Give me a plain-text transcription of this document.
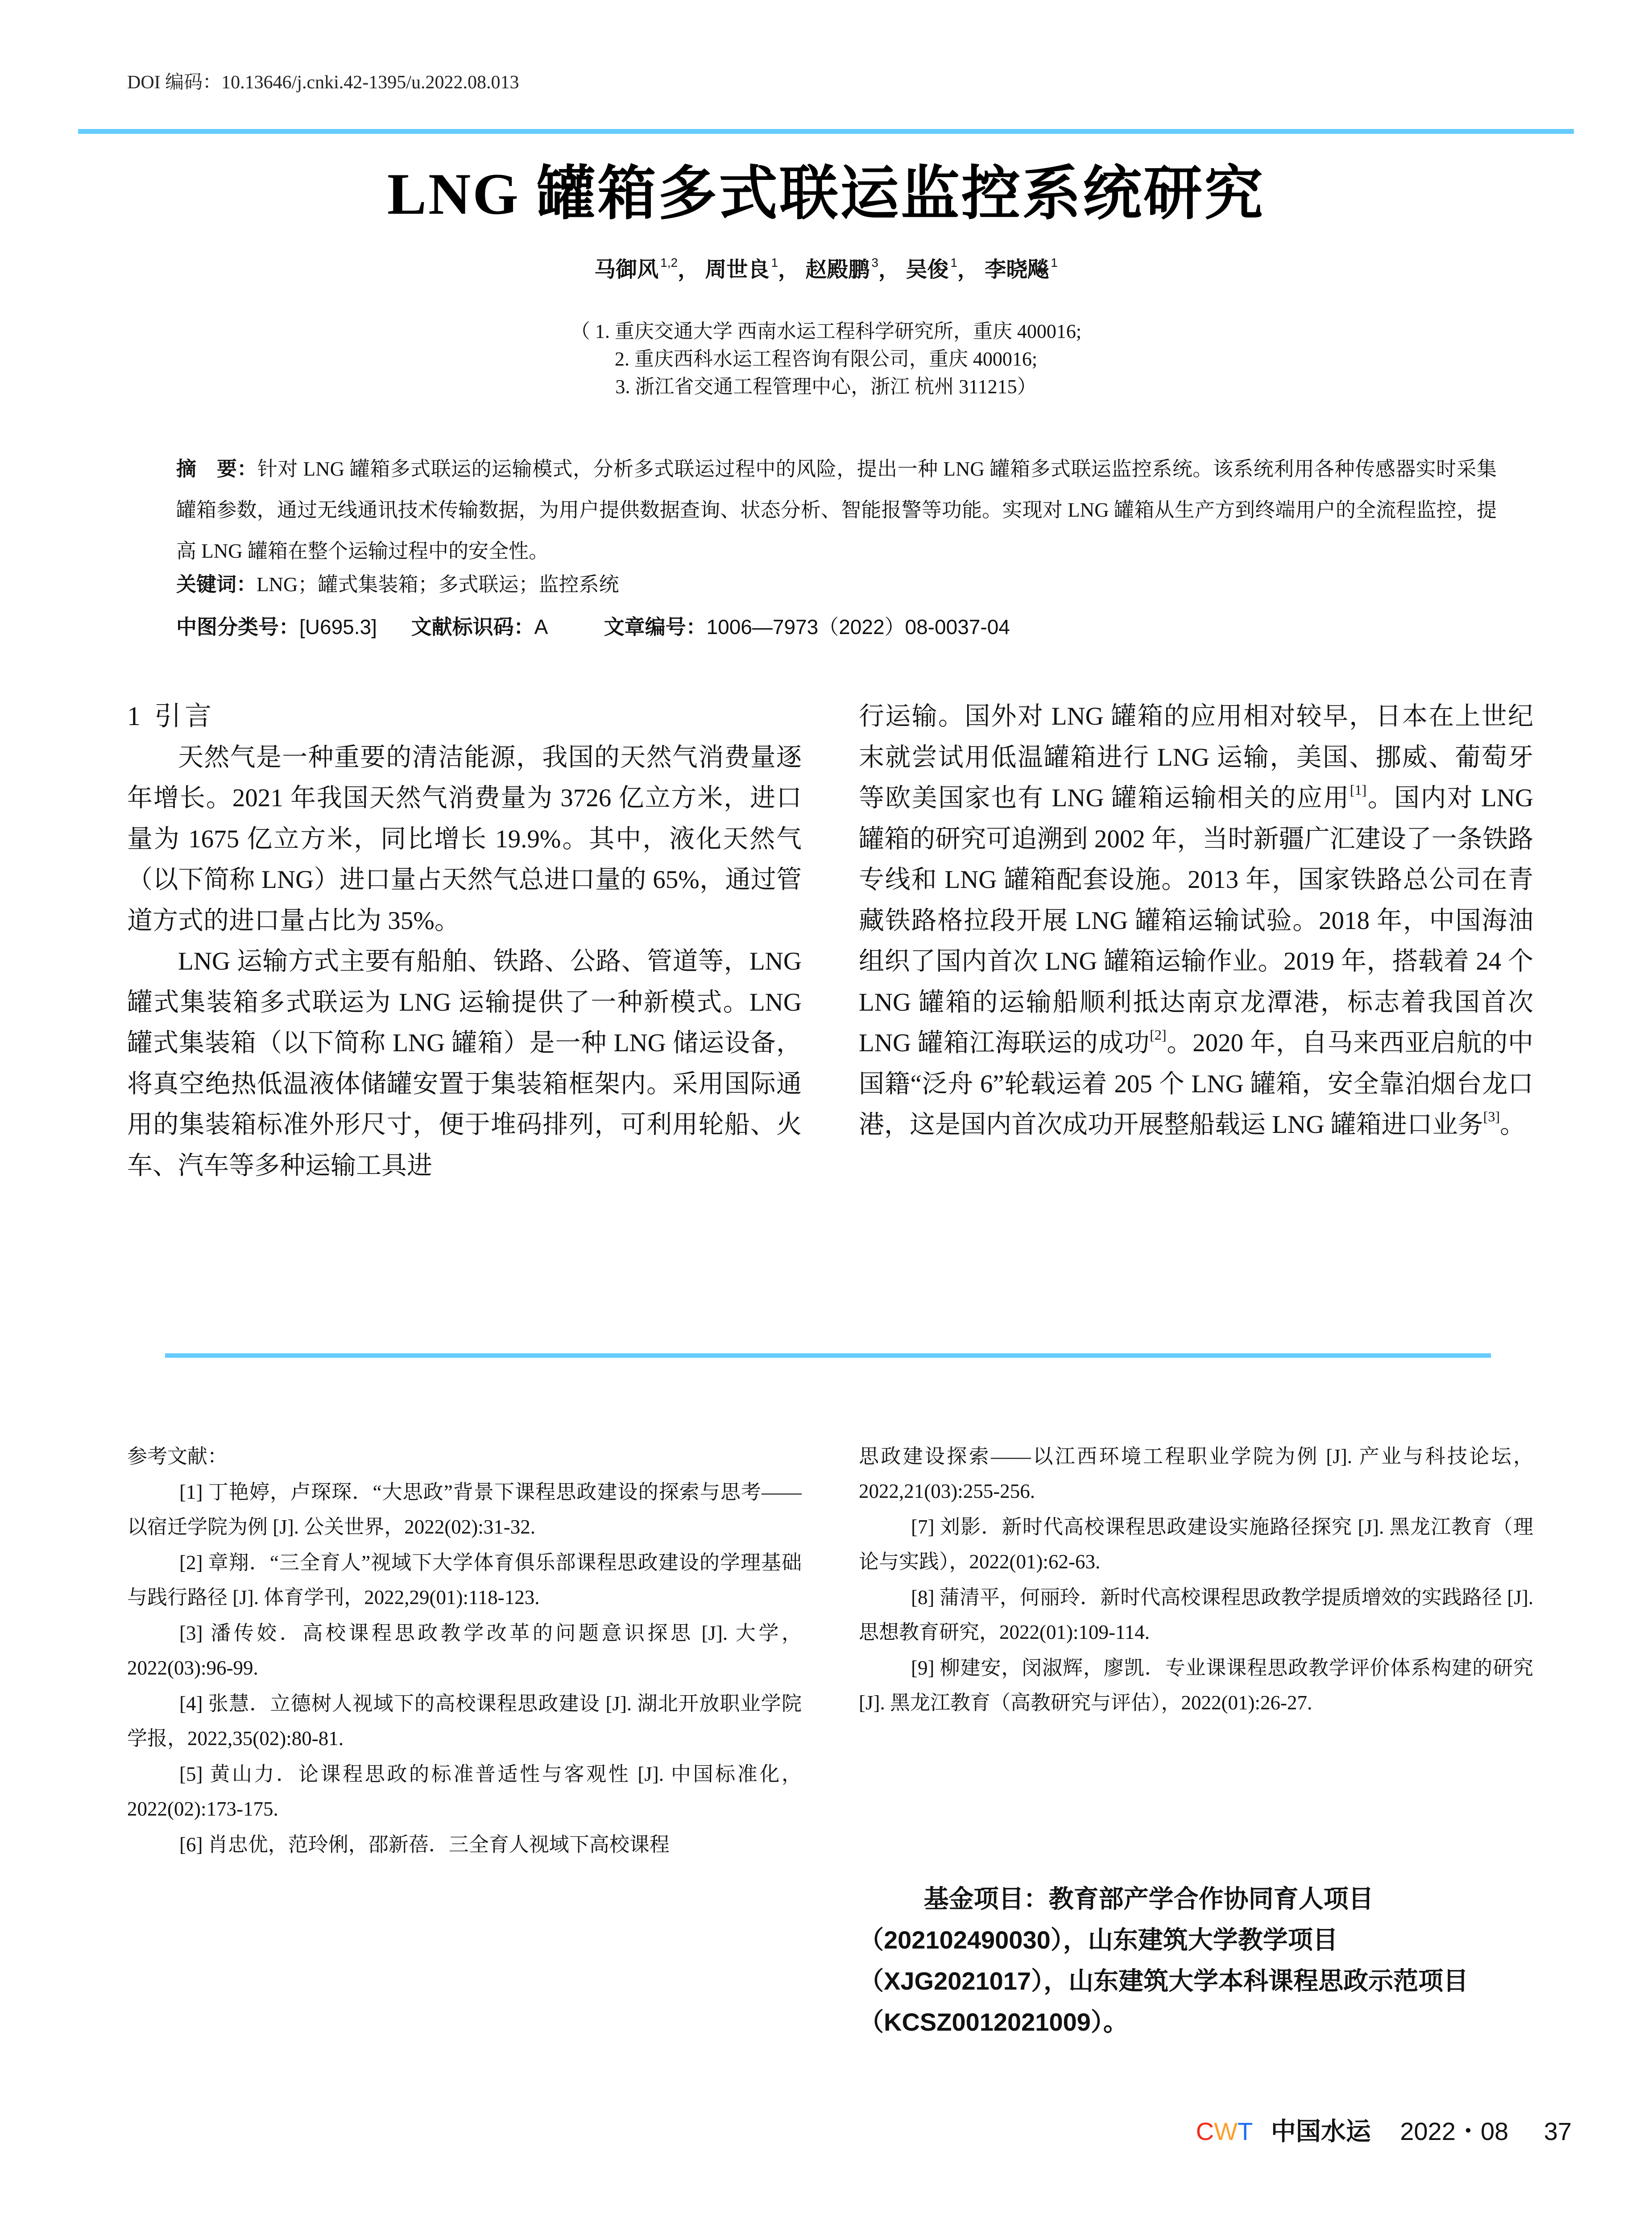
DOI 编码：10.13646/j.cnki.42-1395/u.2022.08.013
LNG 罐箱多式联运监控系统研究
马御风 $^{1,2}$， 周世良 $^1$， 赵殿鹏 $^3$， 吴俊 $^1$， 李晓飚 $^1$
（ 1. 重庆交通大学 西南水运工程科学研究所，重庆 400016;
2. 重庆西科水运工程咨询有限公司，重庆 400016;
3. 浙江省交通工程管理中心，浙江 杭州 311215）
摘　要：针对 LNG 罐箱多式联运的运输模式，分析多式联运过程中的风险，提出一种 LNG 罐箱多式联运监控系统。该系统利用各种传感器实时采集罐箱参数，通过无线通讯技术传输数据，为用户提供数据查询、状态分析、智能报警等功能。实现对 LNG 罐箱从生产方到终端用户的全流程监控，提高 LNG 罐箱在整个运输过程中的安全性。
关键词：LNG；罐式集装箱；多式联运；监控系统
中图分类号：[U695.3] 文献标识码：A	文章编号：1006—7973（2022）08-0037-04
1 引言

天然气是一种重要的清洁能源，我国的天然气消费量逐年增长。2021 年我国天然气消费量为 3726 亿立方米，进口量为 1675 亿立方米，同比增长 19.9%。其中，液化天然气（以下简称 LNG）进口量占天然气总进口量的 65%，通过管道方式的进口量占比为 35%。

LNG 运输方式主要有船舶、铁路、公路、管道等，LNG 罐式集装箱多式联运为 LNG 运输提供了一种新模式。LNG 罐式集装箱（以下简称 LNG 罐箱）是一种 LNG 储运设备，将真空绝热低温液体储罐安置于集装箱框架内。采用国际通用的集装箱标准外形尺寸，便于堆码排列，可利用轮船、火车、汽车等多种运输工具进

行运输。国外对 LNG 罐箱的应用相对较早，日本在上世纪末就尝试用低温罐箱进行 LNG 运输，美国、挪威、葡萄牙等欧美国家也有 LNG 罐箱运输相关的应用[1]。国内对 LNG 罐箱的研究可追溯到 2002 年，当时新疆广汇建设了一条铁路专线和 LNG 罐箱配套设施。2013 年，国家铁路总公司在青藏铁路格拉段开展 LNG 罐箱运输试验。2018 年，中国海油组织了国内首次 LNG 罐箱运输作业。2019 年，搭载着 24 个 LNG 罐箱的运输船顺利抵达南京龙潭港，标志着我国首次 LNG 罐箱江海联运的成功[2]。2020 年，自马来西亚启航的中国籍“泛舟 6”轮载运着 205 个 LNG 罐箱，安全靠泊烟台龙口港，这是国内首次成功开展整船载运 LNG 罐箱进口业务[3]。

参考文献：

[1] 丁艳婷，卢琛琛．“大思政”背景下课程思政建设的探索与思考——以宿迁学院为例 [J]. 公关世界，2022(02):31-32.

[2] 章翔．“三全育人”视域下大学体育俱乐部课程思政建设的学理基础与践行路径 [J]. 体育学刊，2022,29(01):118-123.

[3] 潘传姣．高校课程思政教学改革的问题意识探思 [J]. 大学，2022(03):96-99.

[4] 张慧．立德树人视域下的高校课程思政建设 [J]. 湖北开放职业学院学报，2022,35(02):80-81.

[5] 黄山力．论课程思政的标准普适性与客观性 [J]. 中国标准化，2022(02):173-175.

[6] 肖忠优，范玲俐，邵新蓓．三全育人视域下高校课程

思政建设探索——以江西环境工程职业学院为例 [J]. 产业与科技论坛，2022,21(03):255-256.

[7] 刘影．新时代高校课程思政建设实施路径探究 [J]. 黑龙江教育（理论与实践），2022(01):62-63.

[8] 蒲清平，何丽玲．新时代高校课程思政教学提质增效的实践路径 [J]. 思想教育研究，2022(01):109-114.

[9] 柳建安，闵淑辉，廖凯．专业课课程思政教学评价体系构建的研究 [J]. 黑龙江教育（高教研究与评估），2022(01):26-27.

基金项目：教育部产学合作协同育人项目（202102490030），山东建筑大学教学项目（XJG2021017），山东建筑大学本科课程思政示范项目（KCSZ0012021009）。
CWT 中国水运 2022・08 37
